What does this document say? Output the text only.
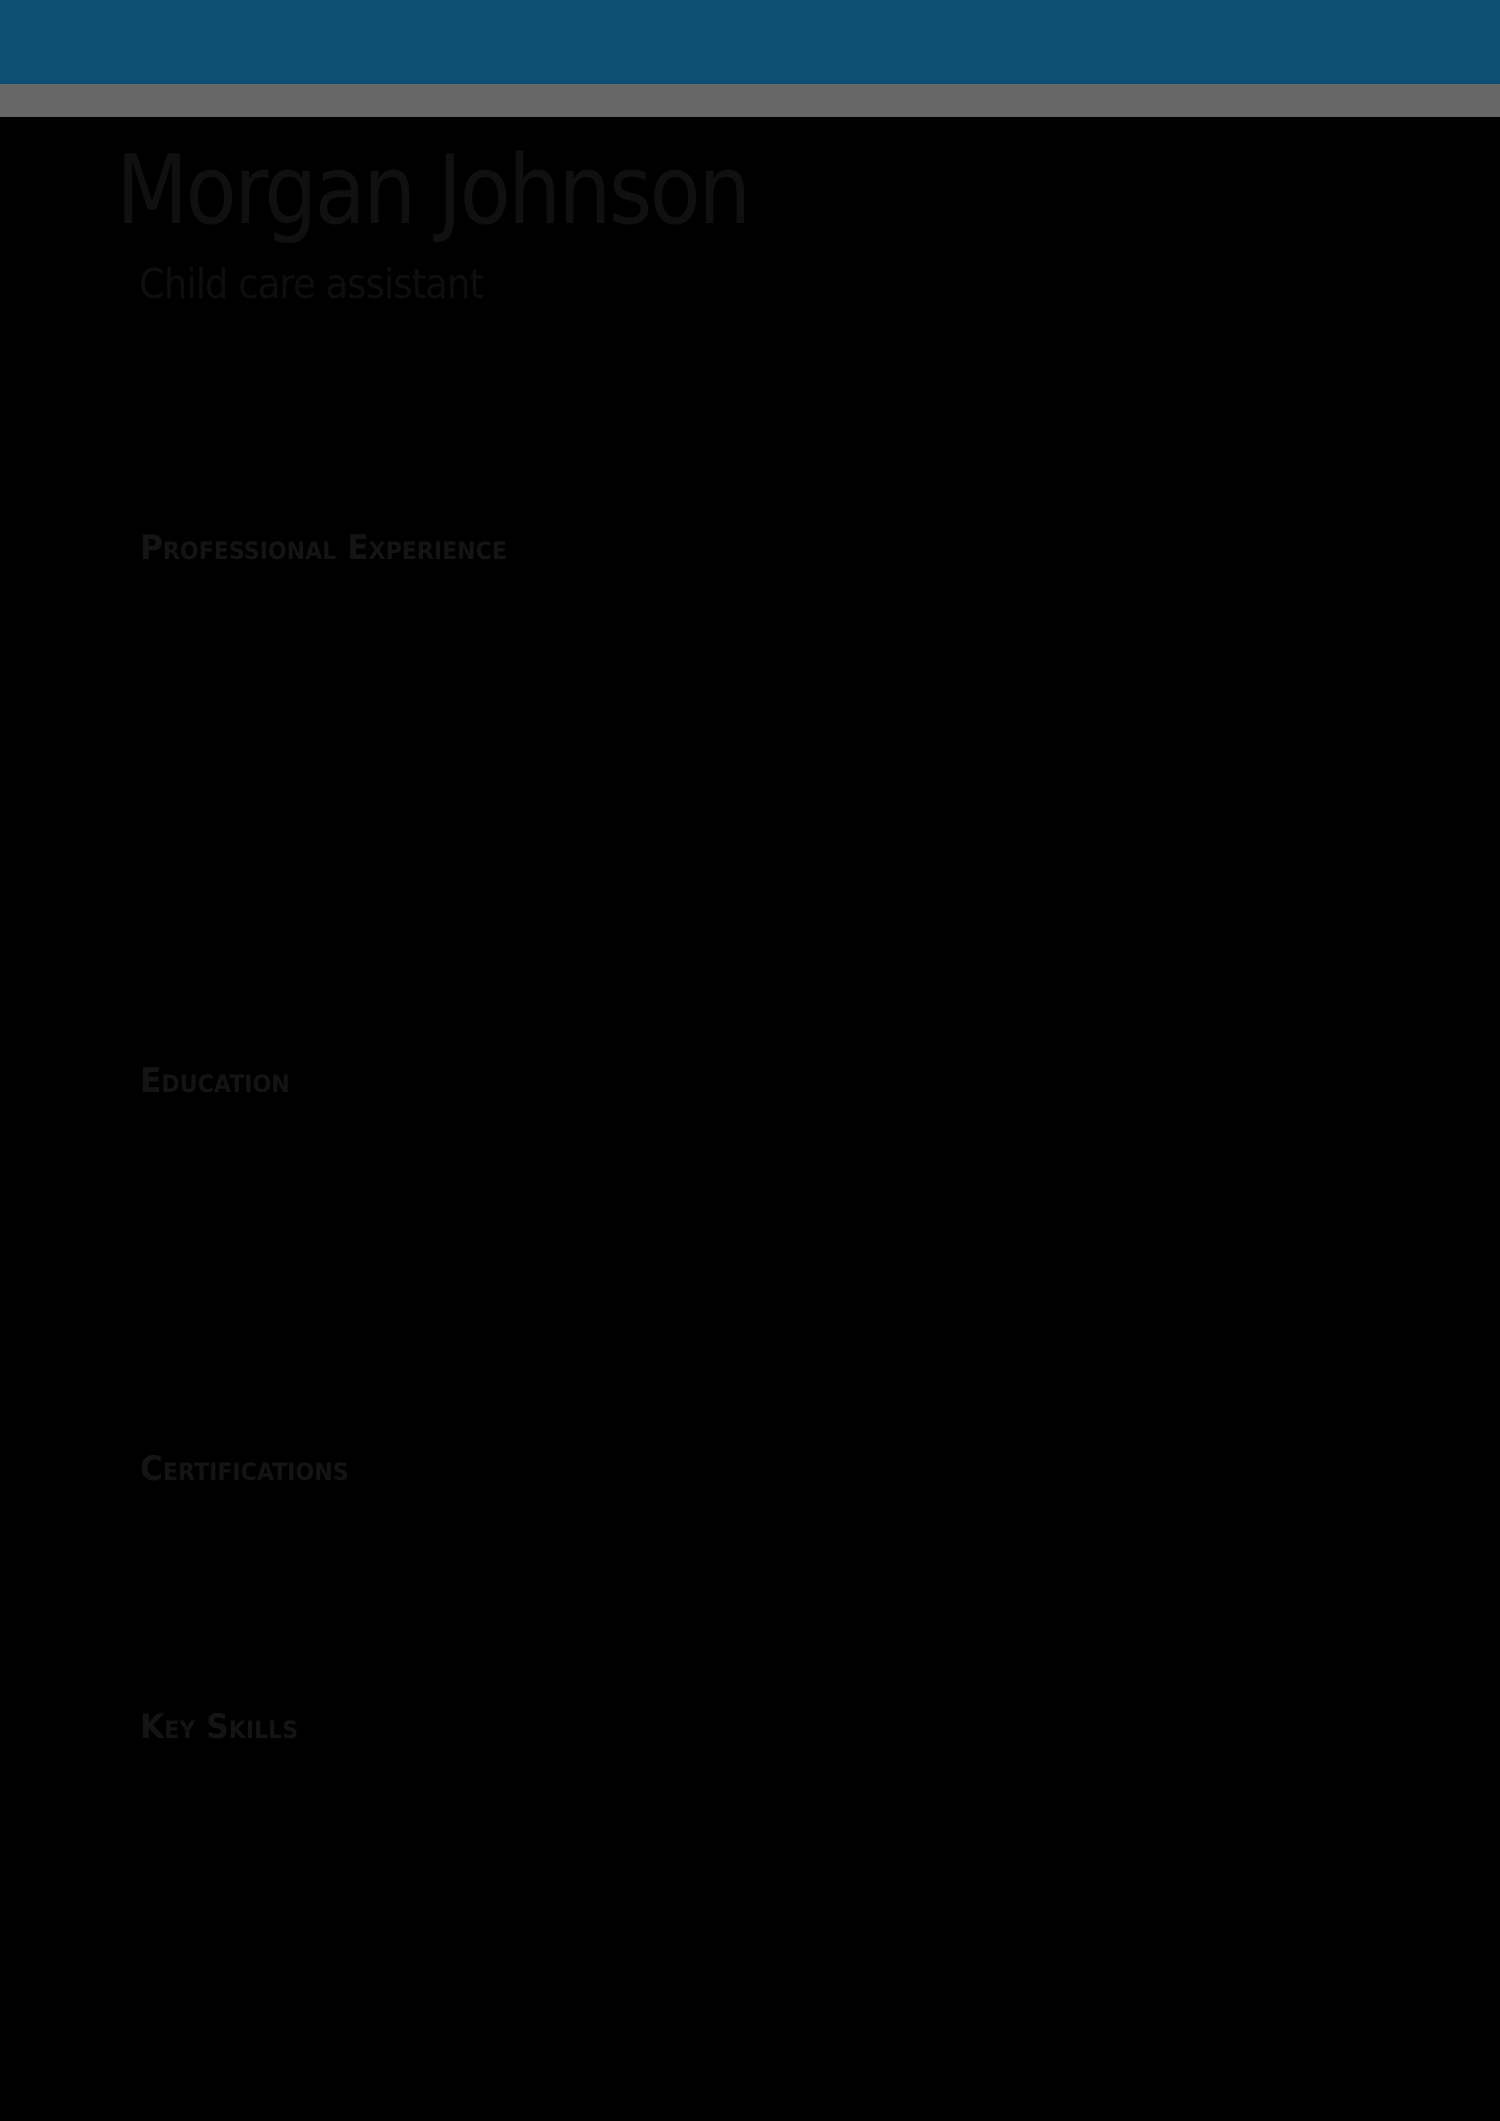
Morgan Johnson
Child care assistant
Professional Experience
Education
Certifications
Key Skills
